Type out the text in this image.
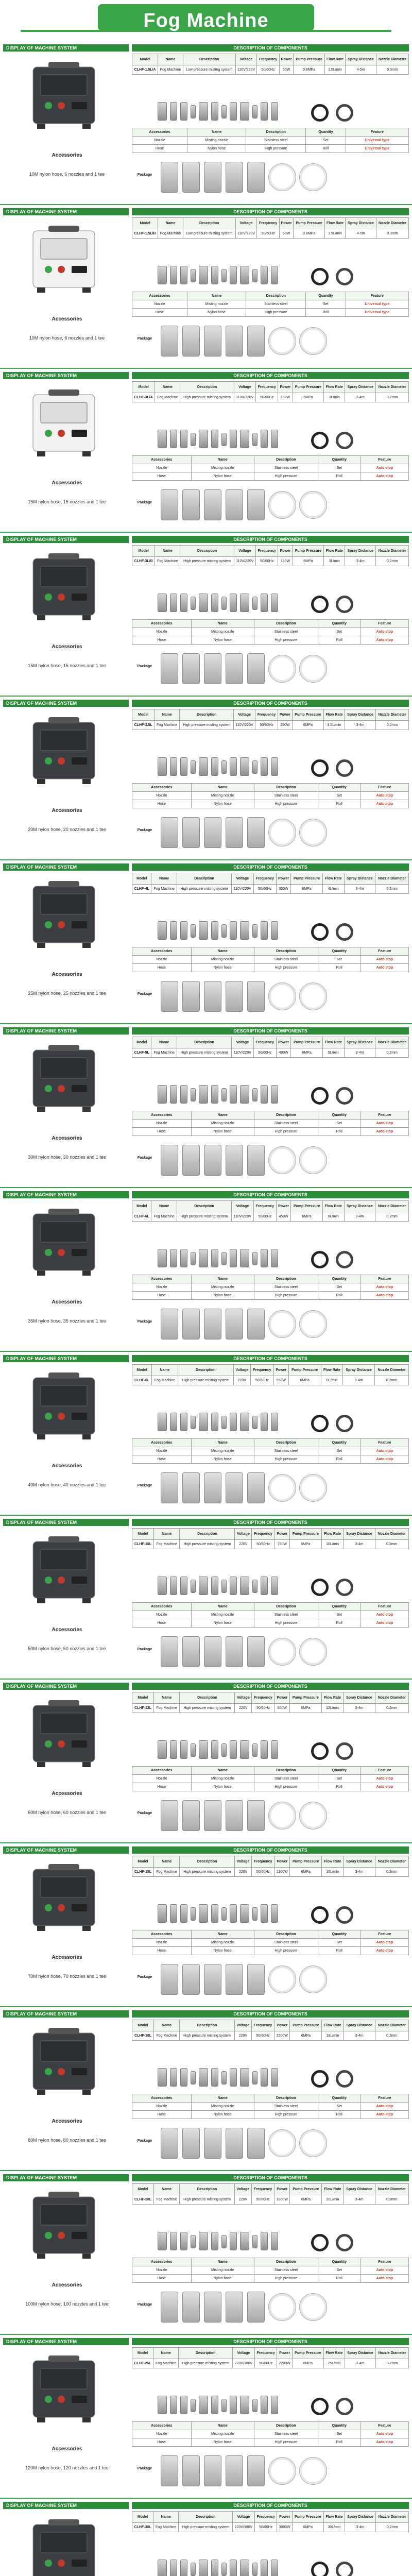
Fog Machine
DISPLAY OF MACHINE SYSTEM	DESCRIPTION OF COMPONENTS
Accessories
10M nylon hose, 6 nozzles and 1 tee
Model	Name	Description	Voltage	Frequency	Power	Pump Pressure	Flow Rate	Spray Distance	Nozzle Diameter
CLHF-1.5L/A	Fog Machine	Low pressure misting system	110V/220V	50/60Hz	60W	0.8MPa	1.5L/min	4-5m	0.3mm
Accessories	Name	Description	Quantity	Feature
Nozzle	Misting nozzle	Stainless steel	Set	Universal type
Hose	Nylon hose	High pressure	Roll	Universal type
Package
DISPLAY OF MACHINE SYSTEM	DESCRIPTION OF COMPONENTS
Accessories
10M nylon hose, 6 nozzles and 1 tee
Model	Name	Description	Voltage	Frequency	Power	Pump Pressure	Flow Rate	Spray Distance	Nozzle Diameter
CLHF-1.5L/B	Fog Machine	Low pressure misting system	110V/220V	50/60Hz	60W	0.8MPa	1.5L/min	4-5m	0.3mm
Accessories	Name	Description	Quantity	Feature
Nozzle	Misting nozzle	Stainless steel	Set	Universal type
Hose	Nylon hose	High pressure	Roll	Universal type
Package
DISPLAY OF MACHINE SYSTEM	DESCRIPTION OF COMPONENTS
Accessories
15M nylon hose, 15 nozzles and 1 tee
Model	Name	Description	Voltage	Frequency	Power	Pump Pressure	Flow Rate	Spray Distance	Nozzle Diameter
CLHF-3L/A	Fog Machine	High pressure misting system	110V/220V	50/60Hz	180W	6MPa	3L/min	3-4m	0.2mm
Accessories	Name	Description	Quantity	Feature
Nozzle	Misting nozzle	Stainless steel	Set	Auto stop
Hose	Nylon hose	High pressure	Roll	Auto stop
Package
DISPLAY OF MACHINE SYSTEM	DESCRIPTION OF COMPONENTS
Accessories
15M nylon hose, 15 nozzles and 1 tee
Model	Name	Description	Voltage	Frequency	Power	Pump Pressure	Flow Rate	Spray Distance	Nozzle Diameter
CLHF-3L/B	Fog Machine	High pressure misting system	110V/220V	50/60Hz	180W	6MPa	3L/min	3-4m	0.2mm
Accessories	Name	Description	Quantity	Feature
Nozzle	Misting nozzle	Stainless steel	Set	Auto stop
Hose	Nylon hose	High pressure	Roll	Auto stop
Package
DISPLAY OF MACHINE SYSTEM	DESCRIPTION OF COMPONENTS
Accessories
20M nylon hose, 20 nozzles and 1 tee
Model	Name	Description	Voltage	Frequency	Power	Pump Pressure	Flow Rate	Spray Distance	Nozzle Diameter
CLHF-3.5L	Fog Machine	High pressure misting system	110V/220V	50/60Hz	250W	6MPa	3.5L/min	3-4m	0.2mm
Accessories	Name	Description	Quantity	Feature
Nozzle	Misting nozzle	Stainless steel	Set	Auto stop
Hose	Nylon hose	High pressure	Roll	Auto stop
Package
DISPLAY OF MACHINE SYSTEM	DESCRIPTION OF COMPONENTS
Accessories
25M nylon hose, 25 nozzles and 1 tee
Model	Name	Description	Voltage	Frequency	Power	Pump Pressure	Flow Rate	Spray Distance	Nozzle Diameter
CLHF-4L	Fog Machine	High pressure misting system	110V/220V	50/60Hz	300W	6MPa	4L/min	3-4m	0.2mm
Accessories	Name	Description	Quantity	Feature
Nozzle	Misting nozzle	Stainless steel	Set	Auto stop
Hose	Nylon hose	High pressure	Roll	Auto stop
Package
DISPLAY OF MACHINE SYSTEM	DESCRIPTION OF COMPONENTS
Accessories
30M nylon hose, 30 nozzles and 1 tee
Model	Name	Description	Voltage	Frequency	Power	Pump Pressure	Flow Rate	Spray Distance	Nozzle Diameter
CLHF-5L	Fog Machine	High pressure misting system	110V/220V	50/60Hz	400W	6MPa	5L/min	3-4m	0.2mm
Accessories	Name	Description	Quantity	Feature
Nozzle	Misting nozzle	Stainless steel	Set	Auto stop
Hose	Nylon hose	High pressure	Roll	Auto stop
Package
DISPLAY OF MACHINE SYSTEM	DESCRIPTION OF COMPONENTS
Accessories
35M nylon hose, 35 nozzles and 1 tee
Model	Name	Description	Voltage	Frequency	Power	Pump Pressure	Flow Rate	Spray Distance	Nozzle Diameter
CLHF-6L	Fog Machine	High pressure misting system	110V/220V	50/60Hz	450W	6MPa	6L/min	3-4m	0.2mm
Accessories	Name	Description	Quantity	Feature
Nozzle	Misting nozzle	Stainless steel	Set	Auto stop
Hose	Nylon hose	High pressure	Roll	Auto stop
Package
DISPLAY OF MACHINE SYSTEM	DESCRIPTION OF COMPONENTS
Accessories
40M nylon hose, 40 nozzles and 1 tee
Model	Name	Description	Voltage	Frequency	Power	Pump Pressure	Flow Rate	Spray Distance	Nozzle Diameter
CLHF-8L	Fog Machine	High pressure misting system	220V	50/60Hz	550W	6MPa	8L/min	3-4m	0.2mm
Accessories	Name	Description	Quantity	Feature
Nozzle	Misting nozzle	Stainless steel	Set	Auto stop
Hose	Nylon hose	High pressure	Roll	Auto stop
Package
DISPLAY OF MACHINE SYSTEM	DESCRIPTION OF COMPONENTS
Accessories
50M nylon hose, 50 nozzles and 1 tee
Model	Name	Description	Voltage	Frequency	Power	Pump Pressure	Flow Rate	Spray Distance	Nozzle Diameter
CLHF-10L	Fog Machine	High pressure misting system	220V	50/60Hz	750W	6MPa	10L/min	3-4m	0.2mm
Accessories	Name	Description	Quantity	Feature
Nozzle	Misting nozzle	Stainless steel	Set	Auto stop
Hose	Nylon hose	High pressure	Roll	Auto stop
Package
DISPLAY OF MACHINE SYSTEM	DESCRIPTION OF COMPONENTS
Accessories
60M nylon hose, 60 nozzles and 1 tee
Model	Name	Description	Voltage	Frequency	Power	Pump Pressure	Flow Rate	Spray Distance	Nozzle Diameter
CLHF-12L	Fog Machine	High pressure misting system	220V	50/60Hz	900W	6MPa	12L/min	3-4m	0.2mm
Accessories	Name	Description	Quantity	Feature
Nozzle	Misting nozzle	Stainless steel	Set	Auto stop
Hose	Nylon hose	High pressure	Roll	Auto stop
Package
DISPLAY OF MACHINE SYSTEM	DESCRIPTION OF COMPONENTS
Accessories
70M nylon hose, 70 nozzles and 1 tee
Model	Name	Description	Voltage	Frequency	Power	Pump Pressure	Flow Rate	Spray Distance	Nozzle Diameter
CLHF-15L	Fog Machine	High pressure misting system	220V	50/60Hz	1100W	6MPa	15L/min	3-4m	0.2mm
Accessories	Name	Description	Quantity	Feature
Nozzle	Misting nozzle	Stainless steel	Set	Auto stop
Hose	Nylon hose	High pressure	Roll	Auto stop
Package
DISPLAY OF MACHINE SYSTEM	DESCRIPTION OF COMPONENTS
Accessories
80M nylon hose, 80 nozzles and 1 tee
Model	Name	Description	Voltage	Frequency	Power	Pump Pressure	Flow Rate	Spray Distance	Nozzle Diameter
CLHF-18L	Fog Machine	High pressure misting system	220V	50/60Hz	1500W	6MPa	18L/min	3-4m	0.2mm
Accessories	Name	Description	Quantity	Feature
Nozzle	Misting nozzle	Stainless steel	Set	Auto stop
Hose	Nylon hose	High pressure	Roll	Auto stop
Package
DISPLAY OF MACHINE SYSTEM	DESCRIPTION OF COMPONENTS
Accessories
100M nylon hose, 100 nozzles and 1 tee
Model	Name	Description	Voltage	Frequency	Power	Pump Pressure	Flow Rate	Spray Distance	Nozzle Diameter
CLHF-20L	Fog Machine	High pressure misting system	220V	50/60Hz	1800W	6MPa	20L/min	3-4m	0.2mm
Accessories	Name	Description	Quantity	Feature
Nozzle	Misting nozzle	Stainless steel	Set	Auto stop
Hose	Nylon hose	High pressure	Roll	Auto stop
Package
DISPLAY OF MACHINE SYSTEM	DESCRIPTION OF COMPONENTS
Accessories
120M nylon hose, 120 nozzles and 1 tee
Model	Name	Description	Voltage	Frequency	Power	Pump Pressure	Flow Rate	Spray Distance	Nozzle Diameter
CLHF-25L	Fog Machine	High pressure misting system	220V/380V	50/60Hz	2200W	6MPa	25L/min	3-4m	0.2mm
Accessories	Name	Description	Quantity	Feature
Nozzle	Misting nozzle	Stainless steel	Set	Auto stop
Hose	Nylon hose	High pressure	Roll	Auto stop
Package
DISPLAY OF MACHINE SYSTEM	DESCRIPTION OF COMPONENTS
Model	Name	Description	Voltage	Frequency	Power	Pump Pressure	Flow Rate	Spray Distance	Nozzle Diameter
CLHF-30L	Fog Machine	High pressure misting system	220V/380V	50/60Hz	3000W	6MPa	30L/min	3-4m	0.2mm
